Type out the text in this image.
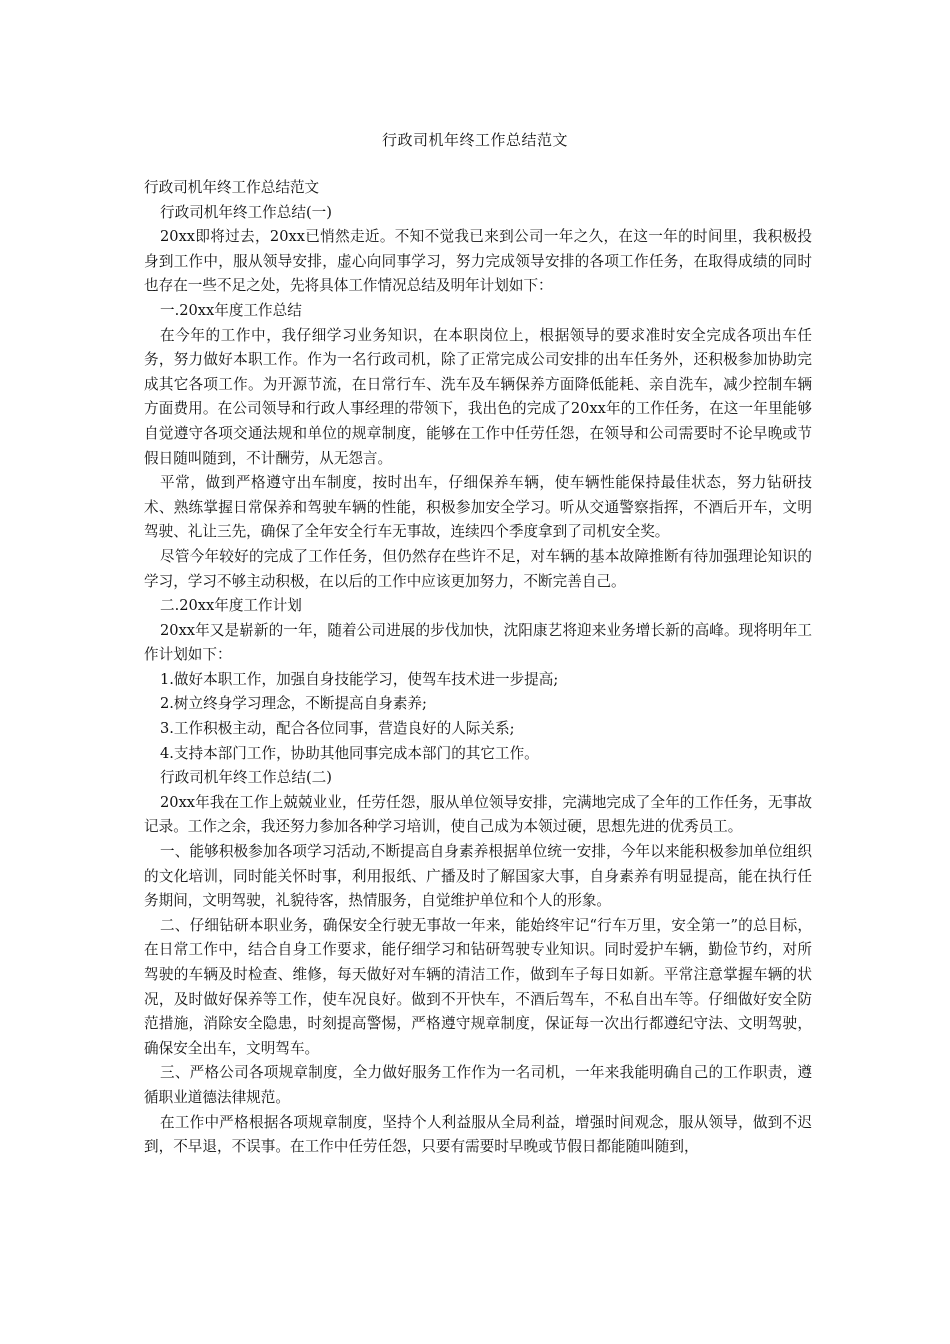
行政司机年终工作总结范文

行政司机年终工作总结范文

行政司机年终工作总结(一)

20xx即将过去，20xx已悄然走近。不知不觉我已来到公司一年之久，在这一年的时间里，我积极投身到工作中，服从领导安排，虚心向同事学习，努力完成领导安排的各项工作任务，在取得成绩的同时也存在一些不足之处，先将具体工作情况总结及明年计划如下：

一.20xx年度工作总结

在今年的工作中，我仔细学习业务知识，在本职岗位上，根据领导的要求准时安全完成各项出车任务，努力做好本职工作。作为一名行政司机，除了正常完成公司安排的出车任务外，还积极参加协助完成其它各项工作。为开源节流，在日常行车、洗车及车辆保养方面降低能耗、亲自洗车，减少控制车辆方面费用。在公司领导和行政人事经理的带领下，我出色的完成了20xx年的工作任务，在这一年里能够自觉遵守各项交通法规和单位的规章制度，能够在工作中任劳任怨，在领导和公司需要时不论早晚或节假日随叫随到，不计酬劳，从无怨言。

平常，做到严格遵守出车制度，按时出车，仔细保养车辆，使车辆性能保持最佳状态，努力钻研技术、熟练掌握日常保养和驾驶车辆的性能，积极参加安全学习。听从交通警察指挥，不酒后开车，文明驾驶、礼让三先，确保了全年安全行车无事故，连续四个季度拿到了司机安全奖。

尽管今年较好的完成了工作任务，但仍然存在些许不足，对车辆的基本故障推断有待加强理论知识的学习，学习不够主动积极，在以后的工作中应该更加努力，不断完善自己。

二.20xx年度工作计划

20xx年又是崭新的一年，随着公司进展的步伐加快，沈阳康艺将迎来业务增长新的高峰。现将明年工作计划如下：

1.做好本职工作，加强自身技能学习，使驾车技术进一步提高;

2.树立终身学习理念，不断提高自身素养;

3.工作积极主动，配合各位同事，营造良好的人际关系;

4.支持本部门工作，协助其他同事完成本部门的其它工作。

行政司机年终工作总结(二)

20xx年我在工作上兢兢业业，任劳任怨，服从单位领导安排，完满地完成了全年的工作任务，无事故记录。工作之余，我还努力参加各种学习培训，使自己成为本领过硬，思想先进的优秀员工。

一、能够积极参加各项学习活动,不断提高自身素养根据单位统一安排，今年以来能积极参加单位组织的文化培训，同时能关怀时事，利用报纸、广播及时了解国家大事，自身素养有明显提高，能在执行任务期间，文明驾驶，礼貌待客，热情服务，自觉维护单位和个人的形象。

二、仔细钻研本职业务，确保安全行驶无事故一年来，能始终牢记“行车万里，安全第一”的总目标，在日常工作中，结合自身工作要求，能仔细学习和钻研驾驶专业知识。同时爱护车辆，勤俭节约，对所驾驶的车辆及时检查、维修，每天做好对车辆的清洁工作，做到车子每日如新。平常注意掌握车辆的状况，及时做好保养等工作，使车况良好。做到不开快车，不酒后驾车，不私自出车等。仔细做好安全防范措施，消除安全隐患，时刻提高警惕，严格遵守规章制度，保证每一次出行都遵纪守法、文明驾驶，确保安全出车，文明驾车。

三、严格公司各项规章制度，全力做好服务工作作为一名司机，一年来我能明确自己的工作职责，遵循职业道德法律规范。

在工作中严格根据各项规章制度，坚持个人利益服从全局利益，增强时间观念，服从领导，做到不迟到，不早退，不误事。在工作中任劳任怨，只要有需要时早晚或节假日都能随叫随到，
